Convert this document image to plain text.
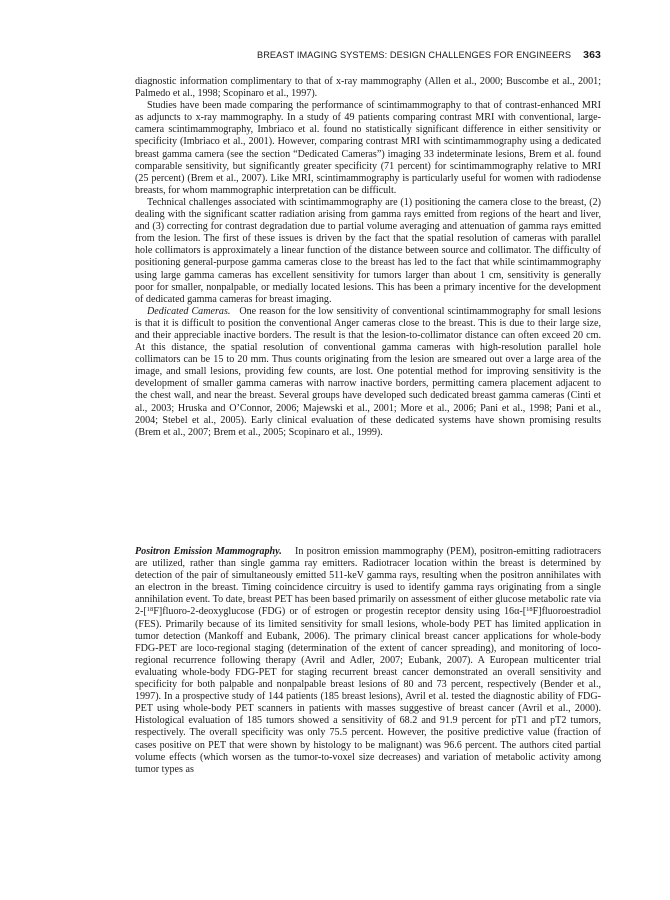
BREAST IMAGING SYSTEMS: DESIGN CHALLENGES FOR ENGINEERS 363

diagnostic information complimentary to that of x-ray mammography (Allen et al., 2000; Buscombe et al., 2001; Palmedo et al., 1998; Scopinaro et al., 1997).

Studies have been made comparing the performance of scintimammography to that of contrast-enhanced MRI as adjuncts to x-ray mammography. In a study of 49 patients comparing contrast MRI with conventional, large-camera scintimammography, Imbriaco et al. found no statistically significant difference in either sensitivity or specificity (Imbriaco et al., 2001). However, comparing contrast MRI with scintimammography using a dedicated breast gamma camera (see the section “Dedicated Cameras”) imaging 33 indeterminate lesions, Brem et al. found comparable sensitivity, but significantly greater specificity (71 percent) for scintimammography relative to MRI (25 percent) (Brem et al., 2007). Like MRI, scintimammography is particularly useful for women with radiodense breasts, for whom mammographic interpretation can be difficult.

Technical challenges associated with scintimammography are (1) positioning the camera close to the breast, (2) dealing with the significant scatter radiation arising from gamma rays emitted from regions of the heart and liver, and (3) correcting for contrast degradation due to partial volume averaging and attenuation of gamma rays emitted from the lesion. The first of these issues is driven by the fact that the spatial resolution of cameras with parallel hole collimators is approximately a linear function of the distance between source and collimator. The difficulty of positioning general-purpose gamma cameras close to the breast has led to the fact that while scintimammography using large gamma cameras has excellent sensitivity for tumors larger than about 1 cm, sensitivity is generally poor for smaller, nonpalpable, or medially located lesions. This has been a primary incentive for the development of dedicated gamma cameras for breast imaging.

Dedicated Cameras. One reason for the low sensitivity of conventional scintimammography for small lesions is that it is difficult to position the conventional Anger cameras close to the breast. This is due to their large size, and their appreciable inactive borders. The result is that the lesion-to-collimator distance can often exceed 20 cm. At this distance, the spatial resolution of conventional gamma cameras with high-resolution parallel hole collimators can be 15 to 20 mm. Thus counts originating from the lesion are smeared out over a large area of the image, and small lesions, providing few counts, are lost. One potential method for improving sensitivity is the development of smaller gamma cameras with narrow inactive borders, permitting camera placement adjacent to the chest wall, and near the breast. Several groups have developed such dedicated breast gamma cameras (Cinti et al., 2003; Hruska and O’Connor, 2006; Majewski et al., 2001; More et al., 2006; Pani et al., 1998; Pani et al., 2004; Stebel et al., 2005). Early clinical evaluation of these dedicated systems have shown promising results (Brem et al., 2007; Brem et al., 2005; Scopinaro et al., 1999).

Positron Emission Mammography. In positron emission mammography (PEM), positron-emitting radiotracers are utilized, rather than single gamma ray emitters. Radiotracer location within the breast is determined by detection of the pair of simultaneously emitted 511-keV gamma rays, resulting when the positron annihilates with an electron in the breast. Timing coincidence circuitry is used to identify gamma rays originating from a single annihilation event. To date, breast PET has been based primarily on assessment of either glucose metabolic rate via 2-[$^{18}$F]fluoro-2-deoxyglucose (FDG) or of estrogen or progestin receptor density using 16α-[$^{18}$F]fluoroestradiol (FES). Primarily because of its limited sensitivity for small lesions, whole-body PET has limited application in tumor detection (Mankoff and Eubank, 2006). The primary clinical breast cancer applications for whole-body FDG-PET are loco-regional staging (determination of the extent of cancer spreading), and monitoring of loco-regional recurrence following therapy (Avril and Adler, 2007; Eubank, 2007). A European multicenter trial evaluating whole-body FDG-PET for staging recurrent breast cancer demonstrated an overall sensitivity and specificity for both palpable and nonpalpable breast lesions of 80 and 73 percent, respectively (Bender et al., 1997). In a prospective study of 144 patients (185 breast lesions), Avril et al. tested the diagnostic ability of FDG-PET using whole-body PET scanners in patients with masses suggestive of breast cancer (Avril et al., 2000). Histological evaluation of 185 tumors showed a sensitivity of 68.2 and 91.9 percent for pT1 and pT2 tumors, respectively. The overall specificity was only 75.5 percent. However, the positive predictive value (fraction of cases positive on PET that were shown by histology to be malignant) was 96.6 percent. The authors cited partial volume effects (which worsen as the tumor-to-voxel size decreases) and variation of metabolic activity among tumor types as
